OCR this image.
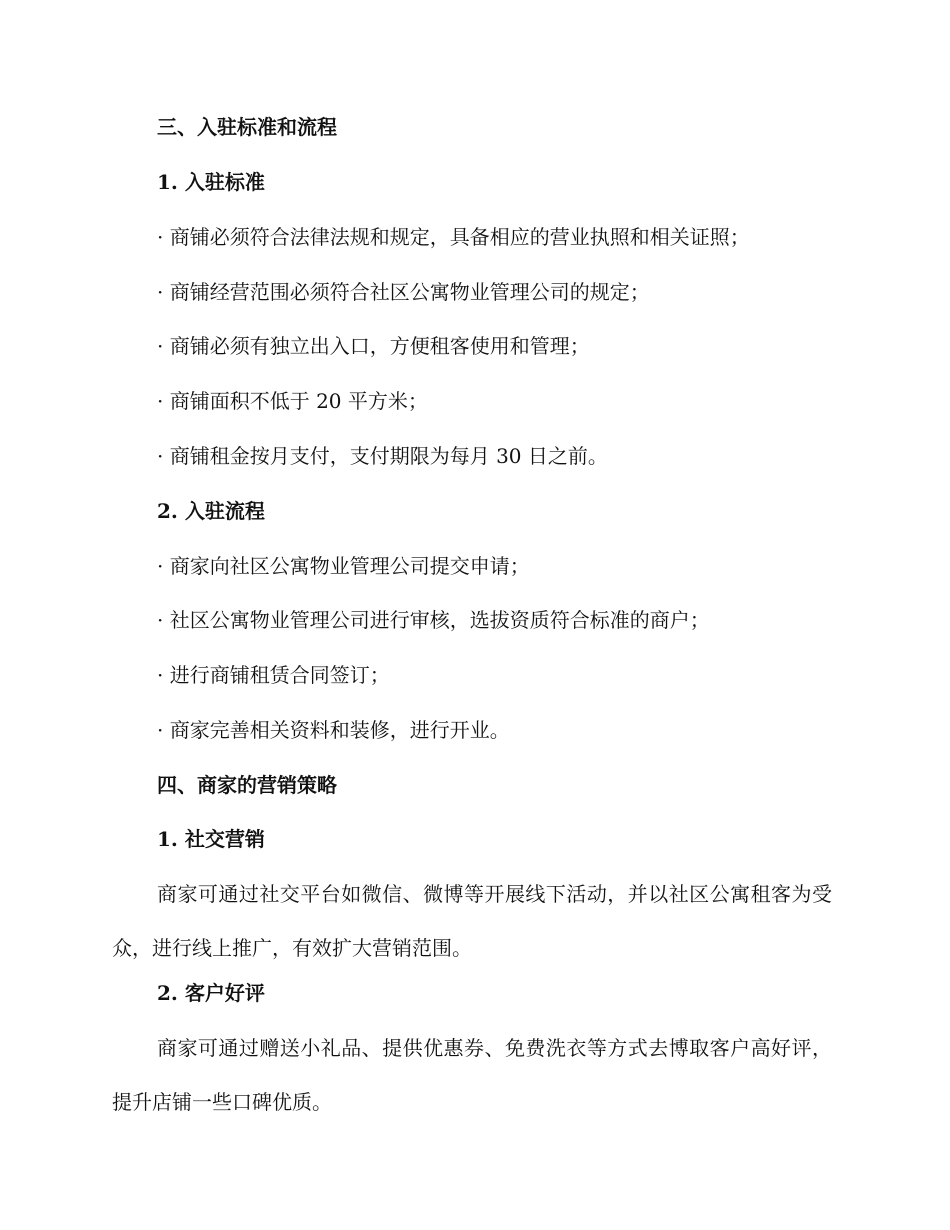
三、入驻标准和流程
1. 入驻标准
· 商铺必须符合法律法规和规定，具备相应的营业执照和相关证照；
· 商铺经营范围必须符合社区公寓物业管理公司的规定；
· 商铺必须有独立出入口，方便租客使用和管理；
· 商铺面积不低于 20 平方米；
· 商铺租金按月支付，支付期限为每月 30 日之前。
2. 入驻流程
· 商家向社区公寓物业管理公司提交申请；
· 社区公寓物业管理公司进行审核，选拔资质符合标准的商户；
· 进行商铺租赁合同签订；
· 商家完善相关资料和装修，进行开业。
四、商家的营销策略
1. 社交营销

商家可通过社交平台如微信、微博等开展线下活动，并以社区公寓租客为受众，进行线上推广，有效扩大营销范围。

2. 客户好评

商家可通过赠送小礼品、提供优惠券、免费洗衣等方式去博取客户高好评，提升店铺一些口碑优质。
